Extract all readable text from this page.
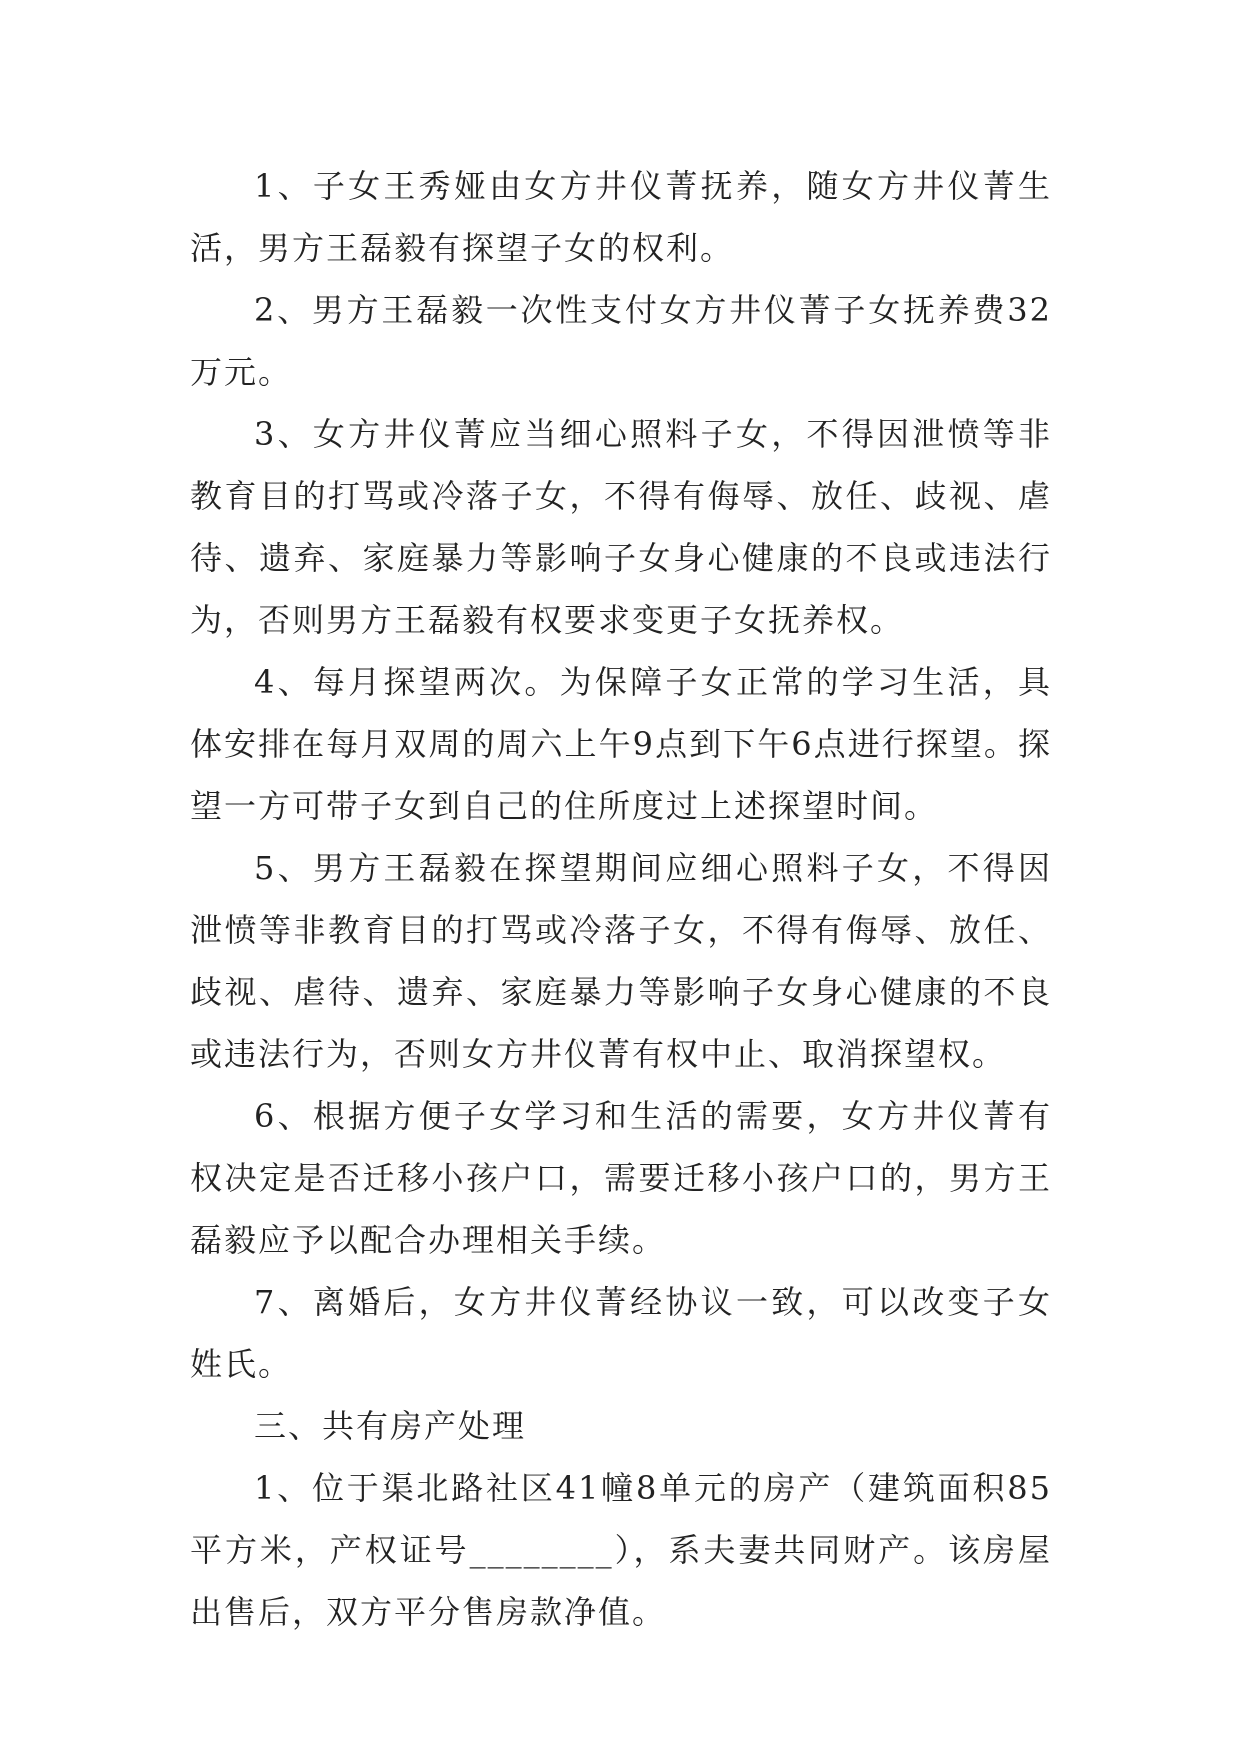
1、子女王秀娅由女方井仪菁抚养，随女方井仪菁生活，男方王磊毅有探望子女的权利。

2、男方王磊毅一次性支付女方井仪菁子女抚养费32万元。

3、女方井仪菁应当细心照料子女，不得因泄愤等非教育目的打骂或冷落子女，不得有侮辱、放任、歧视、虐待、遗弃、家庭暴力等影响子女身心健康的不良或违法行为，否则男方王磊毅有权要求变更子女抚养权。

4、每月探望两次。为保障子女正常的学习生活，具体安排在每月双周的周六上午9点到下午6点进行探望。探望一方可带子女到自己的住所度过上述探望时间。

5、男方王磊毅在探望期间应细心照料子女，不得因泄愤等非教育目的打骂或冷落子女，不得有侮辱、放任、歧视、虐待、遗弃、家庭暴力等影响子女身心健康的不良或违法行为，否则女方井仪菁有权中止、取消探望权。

6、根据方便子女学习和生活的需要，女方井仪菁有权决定是否迁移小孩户口，需要迁移小孩户口的，男方王磊毅应予以配合办理相关手续。

7、离婚后，女方井仪菁经协议一致，可以改变子女姓氏。

三、共有房产处理

1、位于渠北路社区41幢8单元的房产（建筑面积85平方米，产权证号________），系夫妻共同财产。该房屋出售后，双方平分售房款净值。
